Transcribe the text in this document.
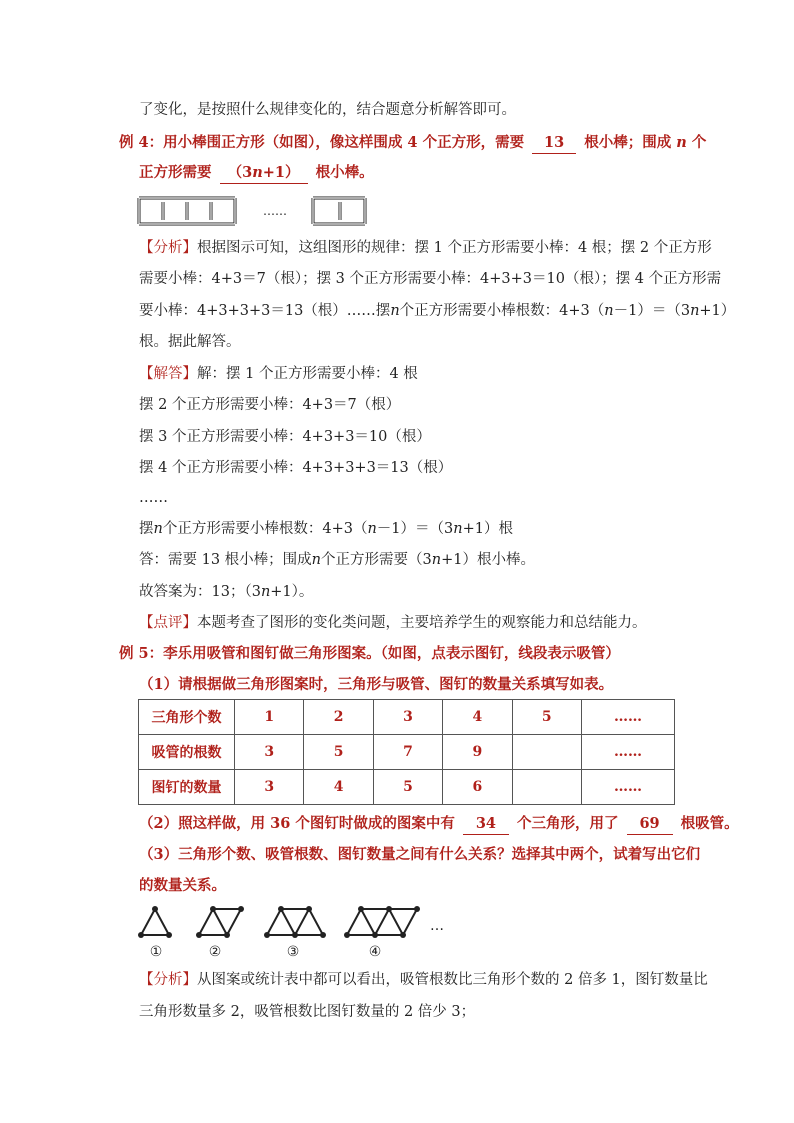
了变化，是按照什么规律变化的，结合题意分析解答即可。
例 4：用小棒围正方形（如图），像这样围成 4 个正方形，需要 13 根小棒；围成 n 个
正方形需要 （3n+1） 根小棒。
……
【分析】根据图示可知，这组图形的规律：摆 1 个正方形需要小棒：4 根；摆 2 个正方形
需要小棒：4+3＝7（根）；摆 3 个正方形需要小棒：4+3+3＝10（根）；摆 4 个正方形需
要小棒：4+3+3+3＝13（根）……摆n个正方形需要小棒根数：4+3（n－1）＝（3n+1）
根。据此解答。
【解答】解：摆 1 个正方形需要小棒：4 根
摆 2 个正方形需要小棒：4+3＝7（根）
摆 3 个正方形需要小棒：4+3+3＝10（根）
摆 4 个正方形需要小棒：4+3+3+3＝13（根）
……
摆n个正方形需要小棒根数：4+3（n－1）＝（3n+1）根
答：需要 13 根小棒；围成n个正方形需要（3n+1）根小棒。
故答案为：13；（3n+1）。
【点评】本题考查了图形的变化类问题，主要培养学生的观察能力和总结能力。
例 5：李乐用吸管和图钉做三角形图案。（如图，点表示图钉，线段表示吸管）
（1）请根据做三角形图案时，三角形与吸管、图钉的数量关系填写如表。
三角形个数	1	2	3	4	5	……
吸管的根数	3	5	7	9		……
图钉的数量	3	4	5	6		……
（2）照这样做，用 36 个图钉时做成的图案中有 34 个三角形，用了 69 根吸管。
（3）三角形个数、吸管根数、图钉数量之间有什么关系？选择其中两个，试着写出它们
的数量关系。
①	②	③	④
…
【分析】从图案或统计表中都可以看出，吸管根数比三角形个数的 2 倍多 1，图钉数量比
三角形数量多 2，吸管根数比图钉数量的 2 倍少 3；
